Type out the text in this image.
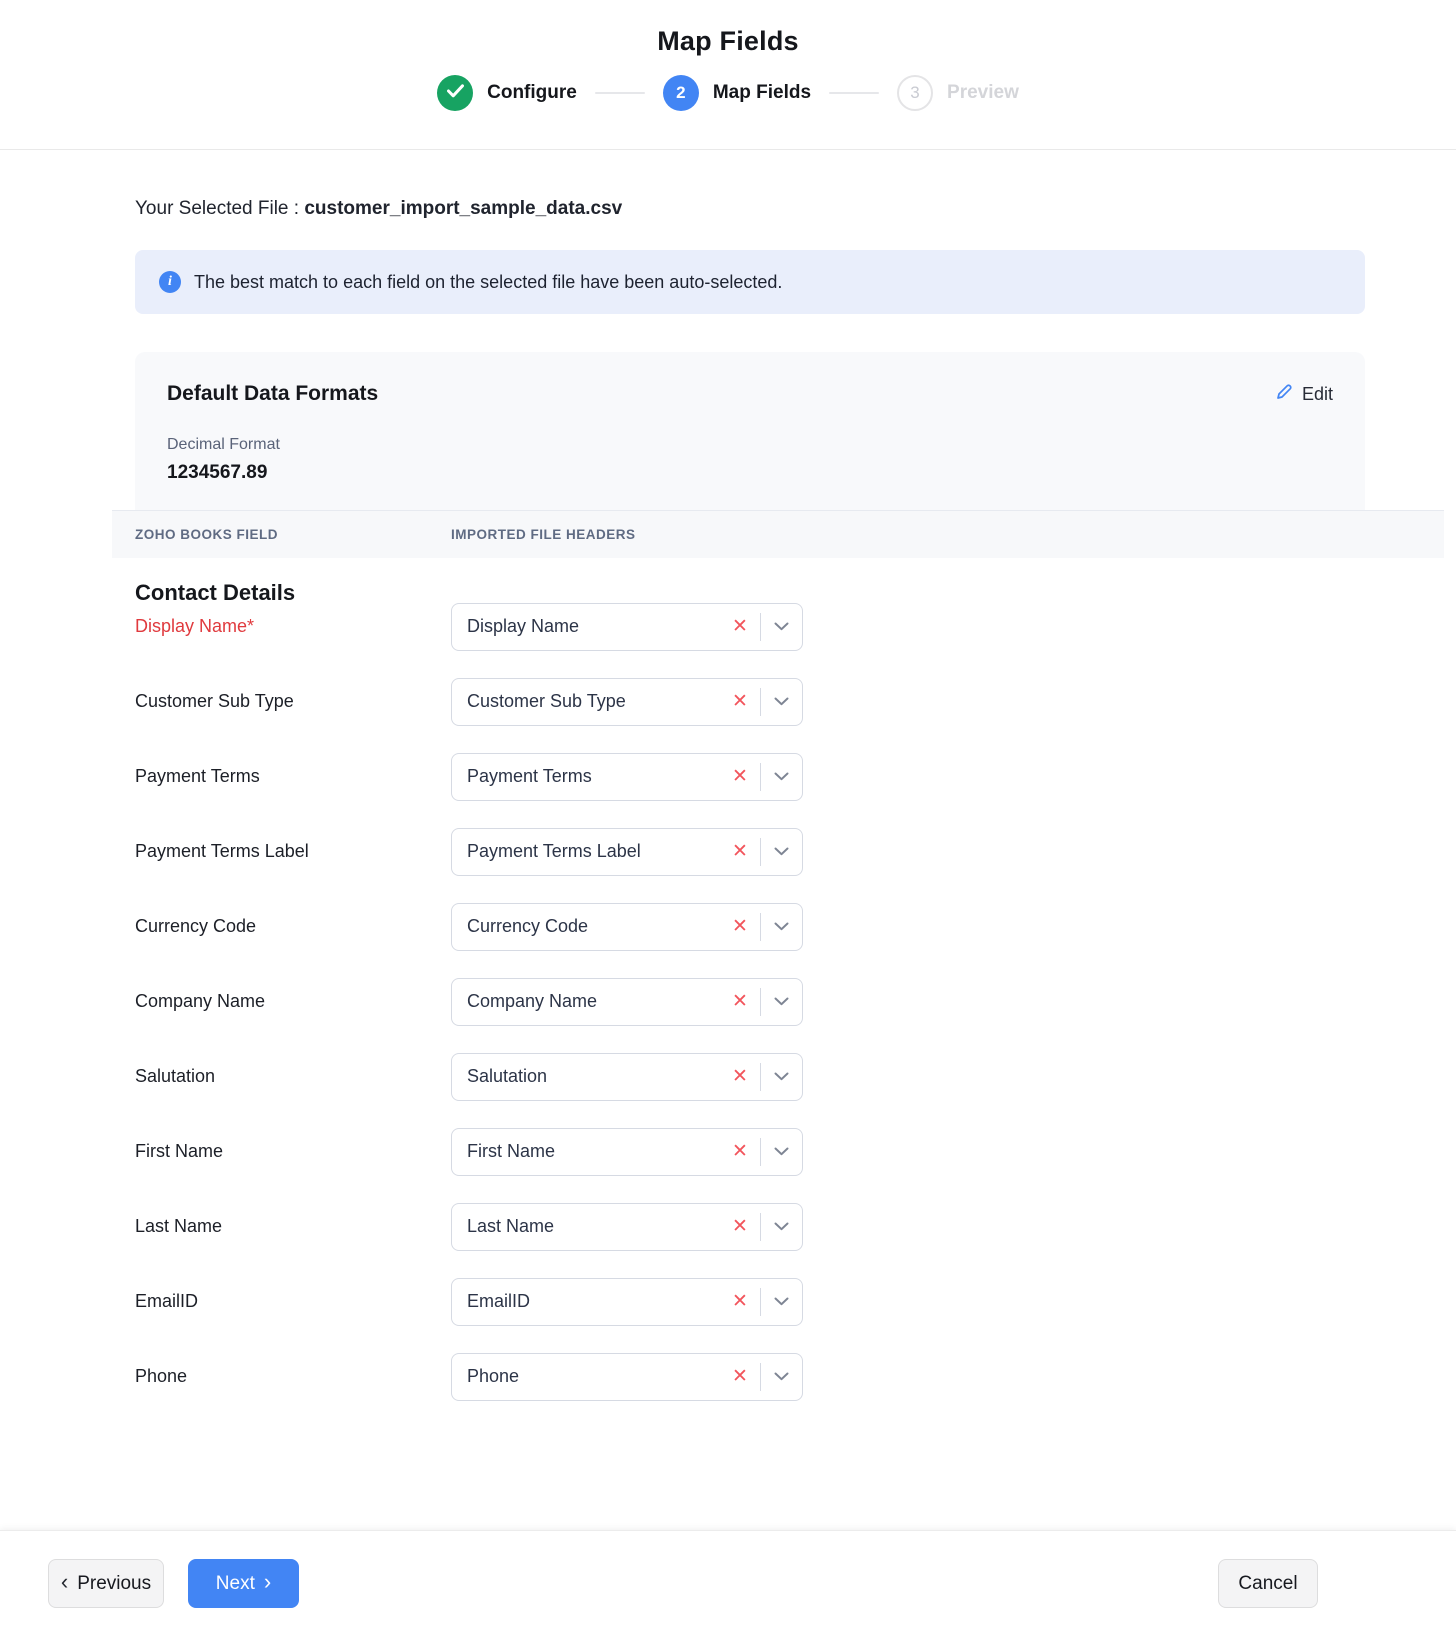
Map Fields
Configure	2	Map Fields	3	Preview
Your Selected File : customer_import_sample_data.csv
i	The best match to each field on the selected file have been auto-selected.
Default Data Formats	Edit
Decimal Format
1234567.89
Contact Details
ZOHO BOOKS FIELD	IMPORTED FILE HEADERS
Display Name*	Display Name	✕
Customer Sub Type	Customer Sub Type	✕
Payment Terms	Payment Terms	✕
Payment Terms Label	Payment Terms Label	✕
Currency Code	Currency Code	✕
Company Name	Company Name	✕
Salutation	Salutation	✕
First Name	First Name	✕
Last Name	Last Name	✕
EmailID	EmailID	✕
Phone	Phone	✕
‹ Previous	Next ›	Cancel
